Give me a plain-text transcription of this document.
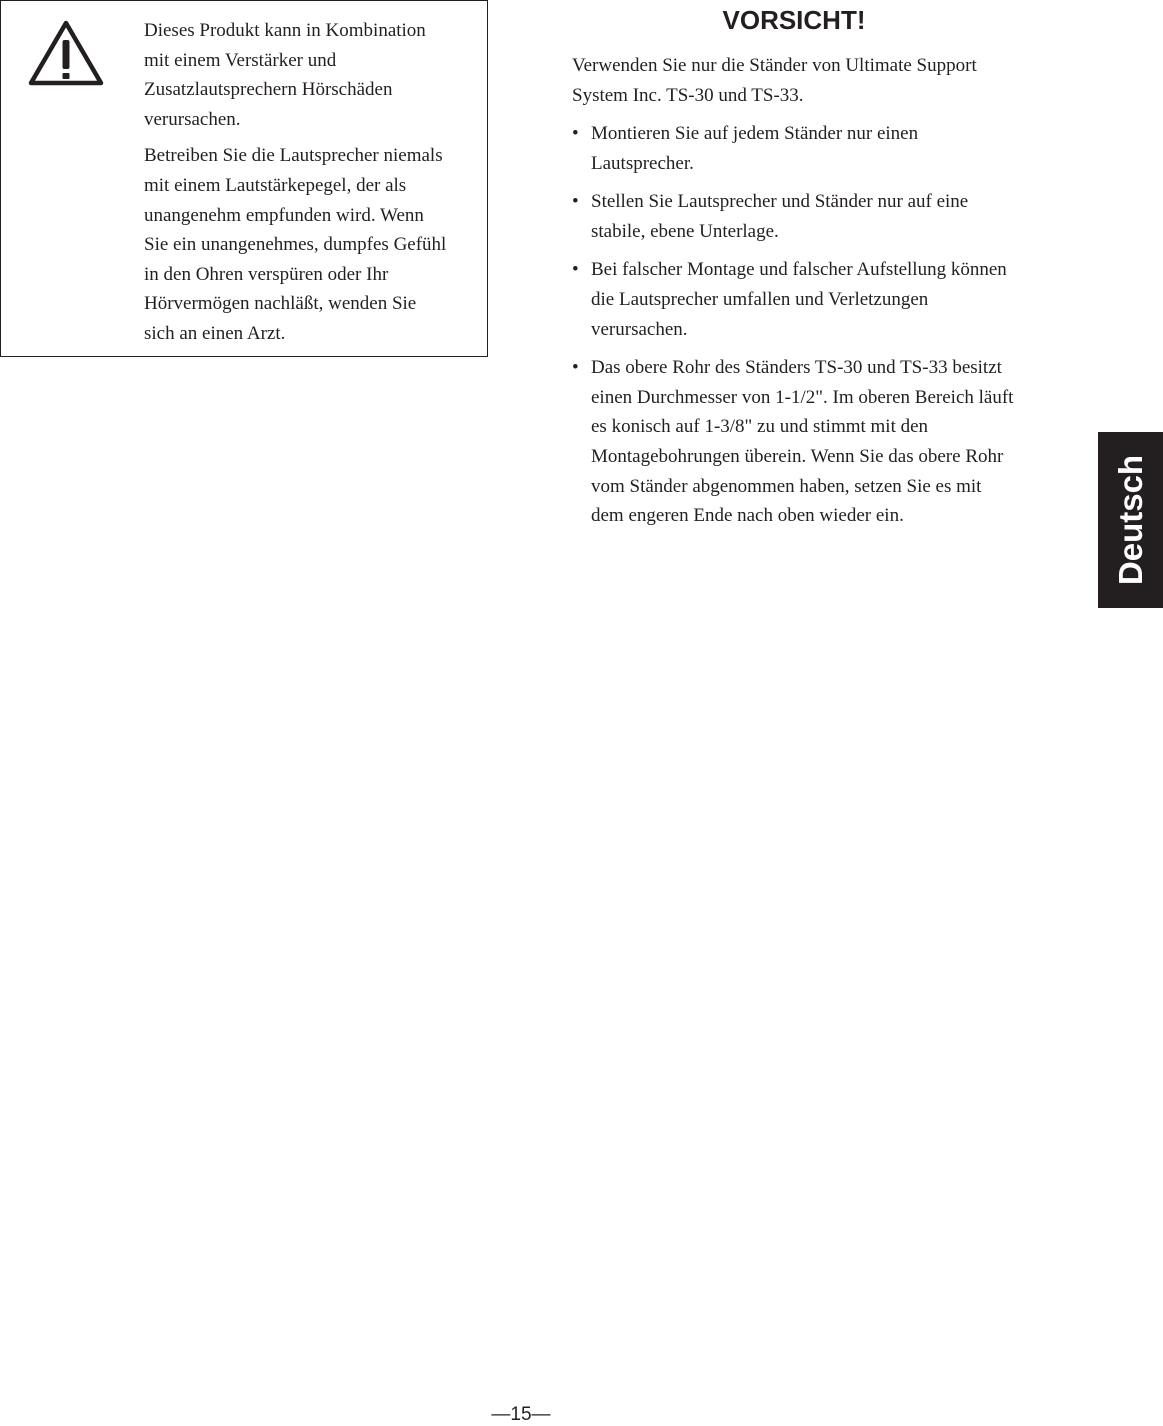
Dieses Produkt kann in Kombination
mit einem Verstärker und
Zusatzlautsprechern Hörschäden
verursachen.

Betreiben Sie die Lautsprecher niemals
mit einem Lautstärkepegel, der als
unangenehm empfunden wird. Wenn
Sie ein unangenehmes, dumpfes Gefühl
in den Ohren verspüren oder Ihr
Hörvermögen nachläßt, wenden Sie
sich an einen Arzt.

VORSICHT!

Verwenden Sie nur die Ständer von Ultimate Support
System Inc. TS-30 und TS-33.

• Montieren Sie auf jedem Ständer nur einen
Lautsprecher.
• Stellen Sie Lautsprecher und Ständer nur auf eine
stabile, ebene Unterlage.
• Bei falscher Montage und falscher Aufstellung können
die Lautsprecher umfallen und Verletzungen
verursachen.
• Das obere Rohr des Ständers TS-30 und TS-33 besitzt
einen Durchmesser von 1-1/2". Im oberen Bereich läuft
es konisch auf 1-3/8" zu und stimmt mit den
Montagebohrungen überein. Wenn Sie das obere Rohr
vom Ständer abgenommen haben, setzen Sie es mit
dem engeren Ende nach oben wieder ein.	Deutsch
—15—
